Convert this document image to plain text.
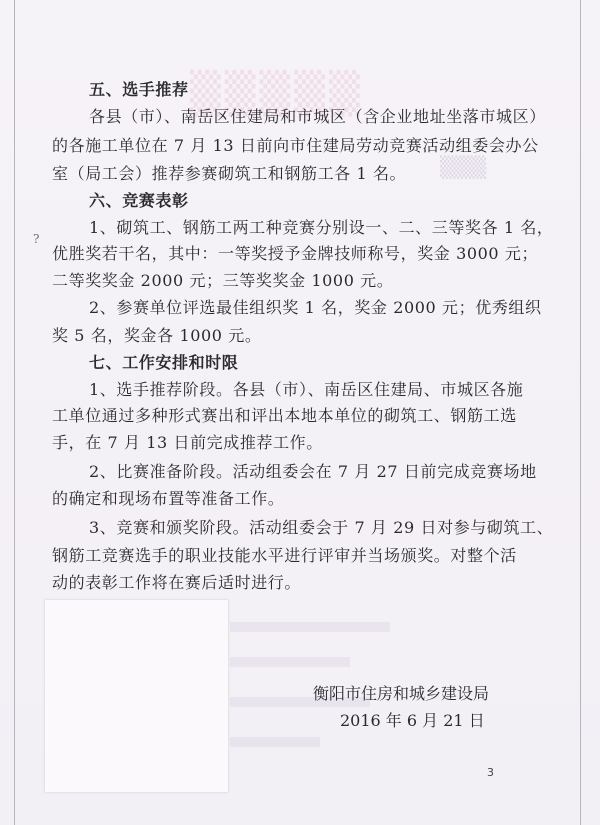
▒▒▒▒▒
▒▒▒
五、选手推荐
各县（市）、南岳区住建局和市城区（含企业地址坐落市城区）
的各施工单位在 7 月 13 日前向市住建局劳动竞赛活动组委会办公
室（局工会）推荐参赛砌筑工和钢筋工各 1 名。
六、竞赛表彰
1、砌筑工、钢筋工两工种竞赛分别设一、二、三等奖各 1 名，
?
优胜奖若干名，其中：一等奖授予金牌技师称号，奖金 3000 元；
二等奖奖金 2000 元；三等奖奖金 1000 元。
2、参赛单位评选最佳组织奖 1 名，奖金 2000 元；优秀组织
奖 5 名，奖金各 1000 元。
七、工作安排和时限
1、选手推荐阶段。各县（市）、南岳区住建局、市城区各施
工单位通过多种形式赛出和评出本地本单位的砌筑工、钢筋工选
手，在 7 月 13 日前完成推荐工作。
2、比赛准备阶段。活动组委会在 7 月 27 日前完成竞赛场地
的确定和现场布置等准备工作。
3、竞赛和颁奖阶段。活动组委会于 7 月 29 日对参与砌筑工、
钢筋工竞赛选手的职业技能水平进行评审并当场颁奖。对整个活
动的表彰工作将在赛后适时进行。
衡阳市住房和城乡建设局
2016 年 6 月 21 日
3
